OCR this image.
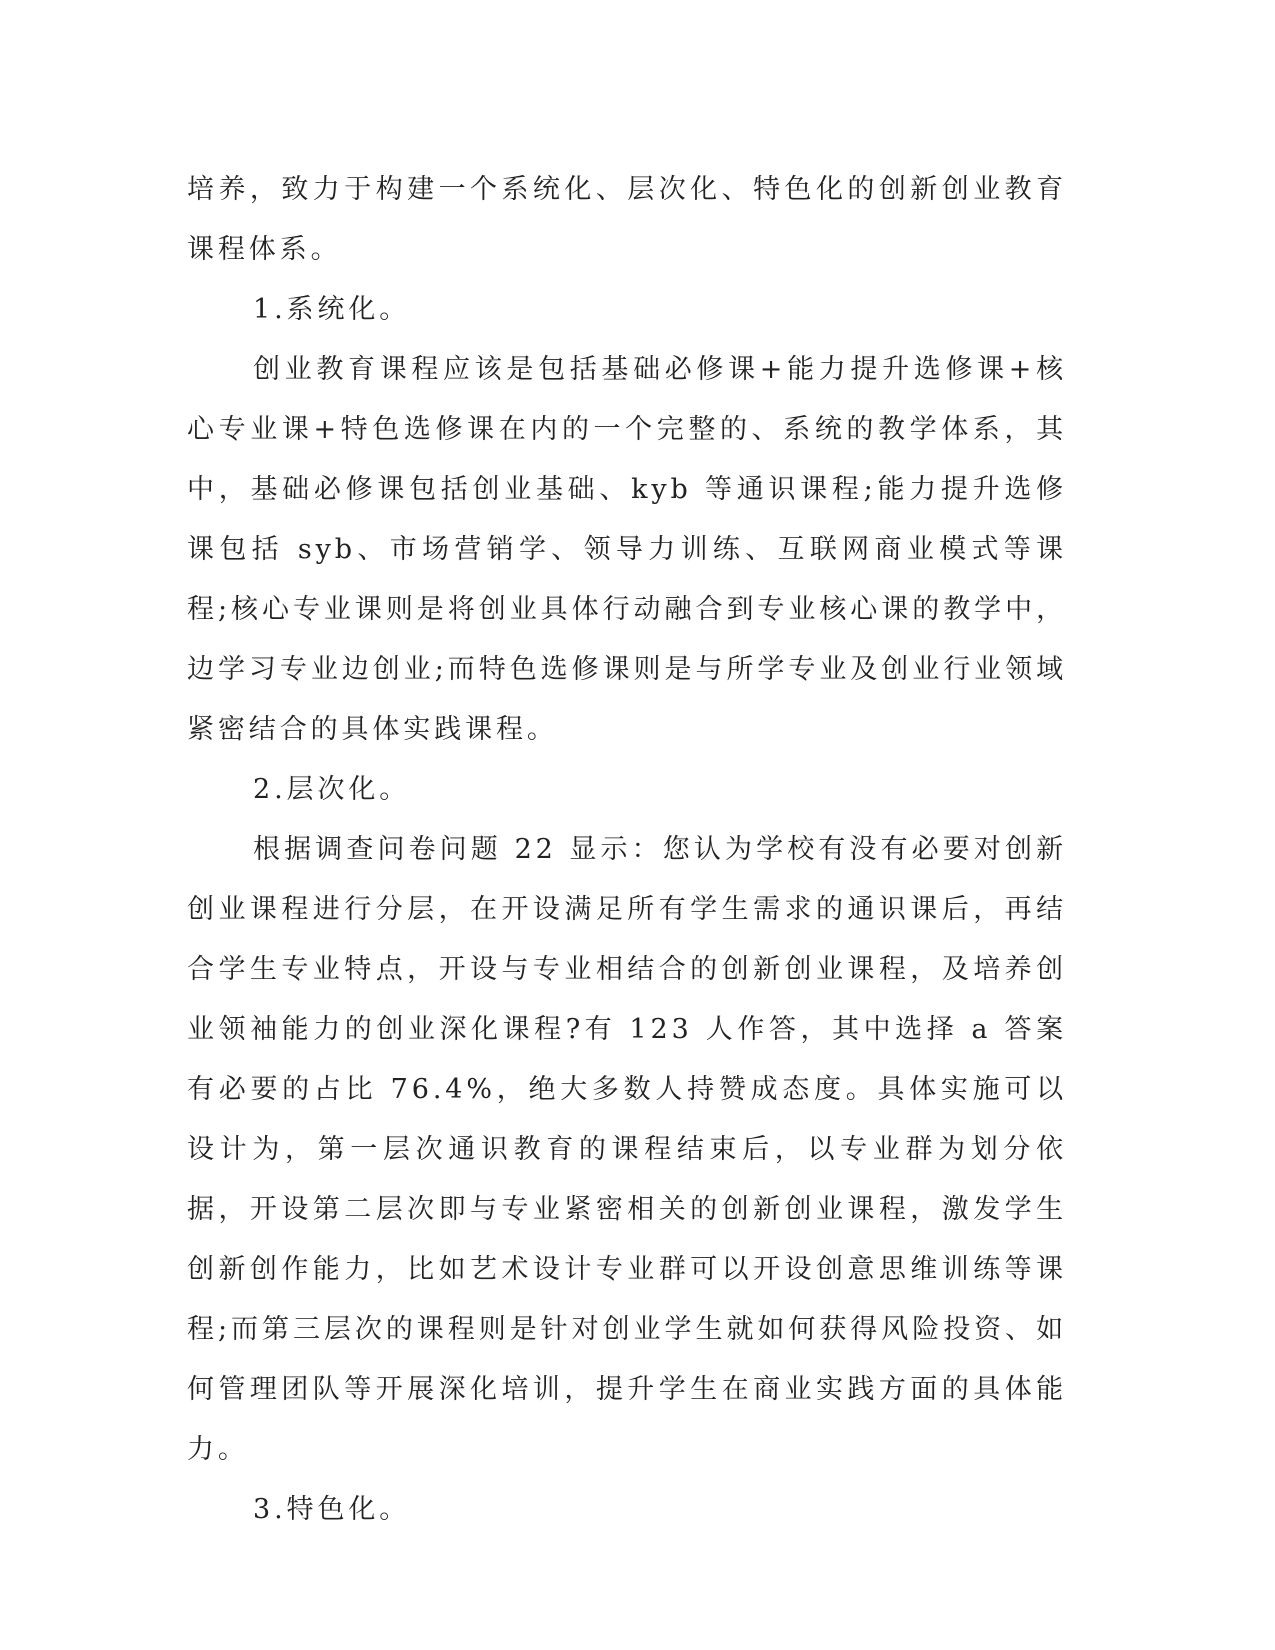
培养，致力于构建一个系统化、层次化、特色化的创新创业教育课程体系。

1.系统化。

创业教育课程应该是包括基础必修课+能力提升选修课+核心专业课+特色选修课在内的一个完整的、系统的教学体系，其中，基础必修课包括创业基础、kyb 等通识课程;能力提升选修课包括 syb、市场营销学、领导力训练、互联网商业模式等课程;核心专业课则是将创业具体行动融合到专业核心课的教学中，边学习专业边创业;而特色选修课则是与所学专业及创业行业领域紧密结合的具体实践课程。

2.层次化。

根据调查问卷问题 22 显示：您认为学校有没有必要对创新创业课程进行分层，在开设满足所有学生需求的通识课后，再结合学生专业特点，开设与专业相结合的创新创业课程，及培养创业领袖能力的创业深化课程?有 123 人作答，其中选择 a 答案有必要的占比 76.4%，绝大多数人持赞成态度。具体实施可以设计为，第一层次通识教育的课程结束后，以专业群为划分依据，开设第二层次即与专业紧密相关的创新创业课程，激发学生创新创作能力，比如艺术设计专业群可以开设创意思维训练等课程;而第三层次的课程则是针对创业学生就如何获得风险投资、如何管理团队等开展深化培训，提升学生在商业实践方面的具体能力。

3.特色化。
